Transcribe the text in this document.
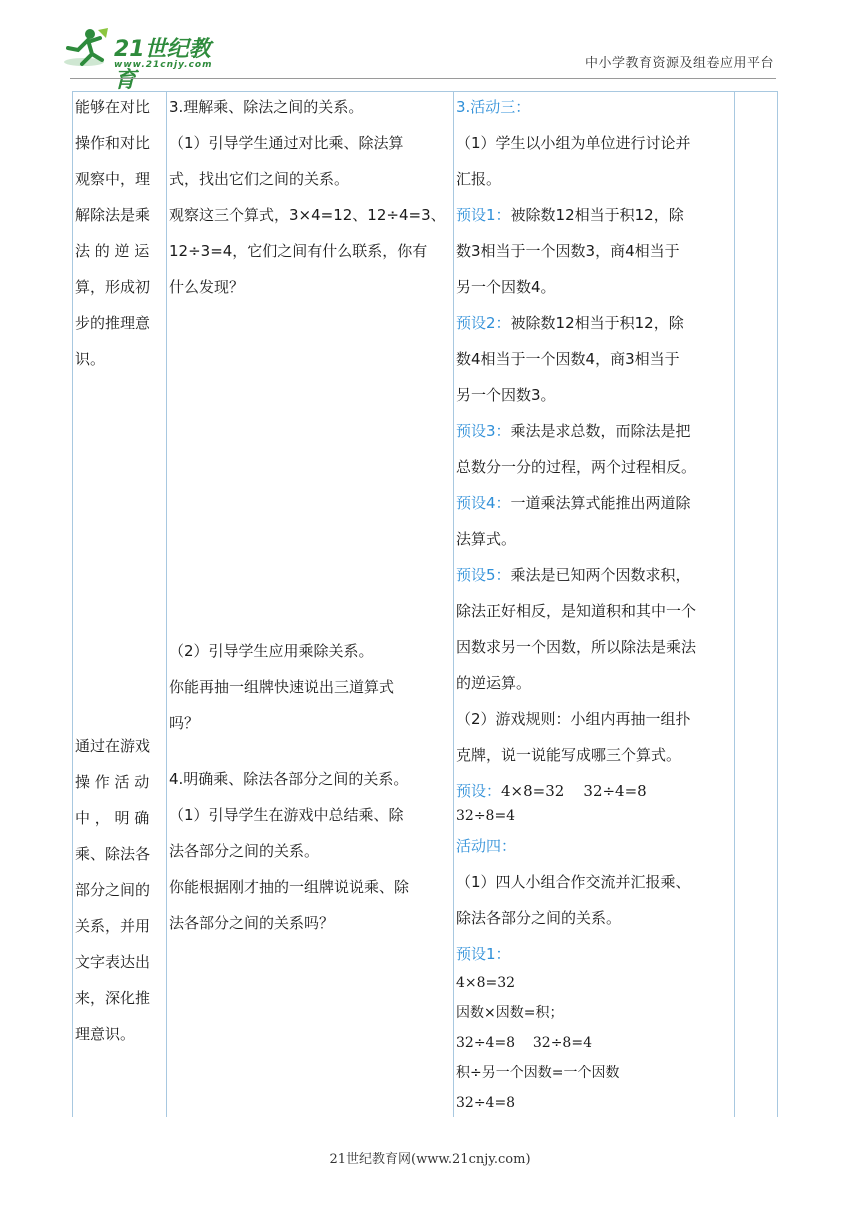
21世纪教育
www.21cnjy.com	中小学教育资源及组卷应用平台

能够在对比

操作和对比

观察中，理

解除法是乘

法 的 逆 运

算，形成初

步的推理意

识。

通过在游戏

操 作 活 动

中 ， 明 确

乘、除法各

部分之间的

关系，并用

文字表达出

来，深化推

理意识。

3.理解乘、除法之间的关系。

（1）引导学生通过对比乘、除法算

式，找出它们之间的关系。

观察这三个算式，3×4=12、12÷4=3、

12÷3=4，它们之间有什么联系，你有

什么发现？

（2）引导学生应用乘除关系。

你能再抽一组牌快速说出三道算式

吗？

4.明确乘、除法各部分之间的关系。

（1）引导学生在游戏中总结乘、除

法各部分之间的关系。

你能根据刚才抽的一组牌说说乘、除

法各部分之间的关系吗？

3.活动三：

（1）学生以小组为单位进行讨论并

汇报。

预设1：被除数12相当于积12，除

数3相当于一个因数3，商4相当于

另一个因数4。

预设2：被除数12相当于积12，除

数4相当于一个因数4，商3相当于

另一个因数3。

预设3：乘法是求总数，而除法是把

总数分一分的过程，两个过程相反。

预设4：一道乘法算式能推出两道除

法算式。

预设5：乘法是已知两个因数求积，

除法正好相反，是知道积和其中一个

因数求另一个因数，所以除法是乘法

的逆运算。

（2）游戏规则：小组内再抽一组扑

克牌，说一说能写成哪三个算式。

预设：4×8=32    32÷4=8

32÷8=4

活动四：

（1）四人小组合作交流并汇报乘、

除法各部分之间的关系。

预设1：

4×8=32

因数×因数=积；

32÷4=8    32÷8=4

积÷另一个因数=一个因数

32÷4=8

21世纪教育网(www.21cnjy.com)
